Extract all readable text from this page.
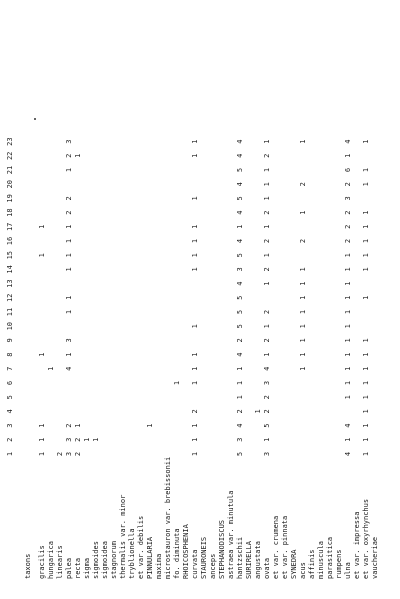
taxons
1
2
3
4
5
6
7
8
9
10
11
12
13
14
15
16
17
18
19
20
21
22
23
gracilis
1
1
1
1
1
1
hungarica
1
linearis
2
palea
3
3
2
4
1
3
1
1
1
1
1
1
2
2
1
2
3
recta
2
2
1
1
sigma
1
sigmoides
1
sigmoidea stagnorum thermalis var. minor tryblionella et var. debilis PINNULARIA
1
maxima microstauron var. brebissonii fo. diminuta
1
RHOICOSPHENIA curvata
1
1
1
2
1
1
1
1
1
1
1
1
1
1
1
STAURONEIS anceps STEPHANODISCUS astraea var. minutula hantzschii
5
3
4
2
1
1
1
4
2
5
5
5
4
3
5
4
1
4
5
4
5
4
4
SURIRELLA angustata
1
ovata
3
1
5
2
2
3
4
1
2
1
2
1
2
1
2
1
2
1
1
1
2
1
et var. crumena et var. pinnata SYNEDRA acus
1
1
1
1
1
1
1
1
2
1
2
1
affinis minuscula parasitica rumpens ulna
4
1
4
1
1
1
1
1
1
1
1
1
1
1
2
2
2
3
2
6
1
4
et var. impressa et var. oxyrhynchus
1
1
1
1
1
1
1
1
1
1
1
1
1
1
1
1
1
1
vaucheriae
